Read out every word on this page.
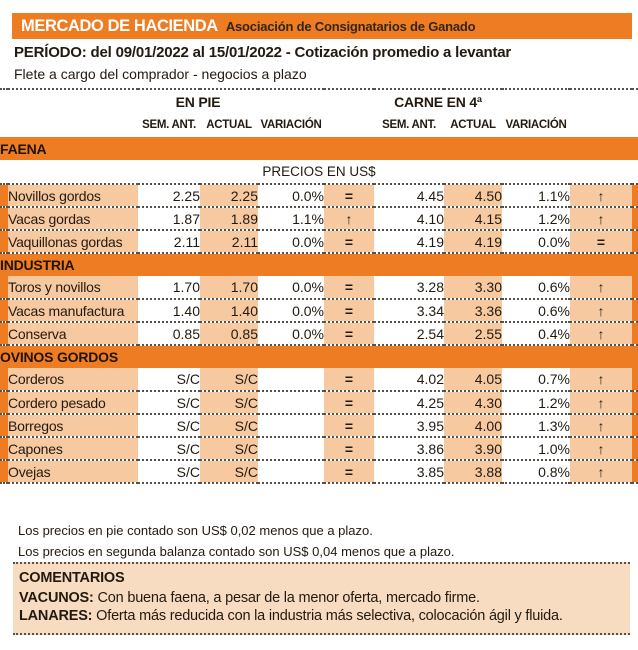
MERCADO DE HACIENDA Asociación de Consignatarios de Ganado
PERÍODO: del 09/01/2022 al 15/01/2022 - Cotización promedio a levantar
Flete a cargo del comprador - negocios a plazo
		EN PIE				CARNE EN 4ª				
		SEM. ANT.	ACTUAL	VARIACIÓN		SEM. ANT.	ACTUAL	VARIACIÓN		
FAENA										
PRECIOS EN US$										
	Novillos gordos	2.25	2.25	0.0%	=	4.45	4.50	1.1%	↑	
	Vacas gordas	1.87	1.89	1.1%	↑	4.10	4.15	1.2%	↑	
	Vaquillonas gordas	2.11	2.11	0.0%	=	4.19	4.19	0.0%	=	
INDUSTRIA										
	Toros y novillos	1.70	1.70	0.0%	=	3.28	3.30	0.6%	↑	
	Vacas manufactura	1.40	1.40	0.0%	=	3.34	3.36	0.6%	↑	
	Conserva	0.85	0.85	0.0%	=	2.54	2.55	0.4%	↑	
OVINOS GORDOS										
	Corderos	S/C	S/C		=	4.02	4.05	0.7%	↑	
	Cordero pesado	S/C	S/C		=	4.25	4.30	1.2%	↑	
	Borregos	S/C	S/C		=	3.95	4.00	1.3%	↑	
	Capones	S/C	S/C		=	3.86	3.90	1.0%	↑	
	Ovejas	S/C	S/C		=	3.85	3.88	0.8%	↑	
Los precios en pie contado son US$ 0,02 menos que a plazo.
Los precios en segunda balanza contado son US$ 0,04 menos que a plazo.
COMENTARIOS
VACUNOS: Con buena faena, a pesar de la menor oferta, mercado firme.
LANARES: Oferta más reducida con la industria más selectiva, colocación ágil y fluida.
